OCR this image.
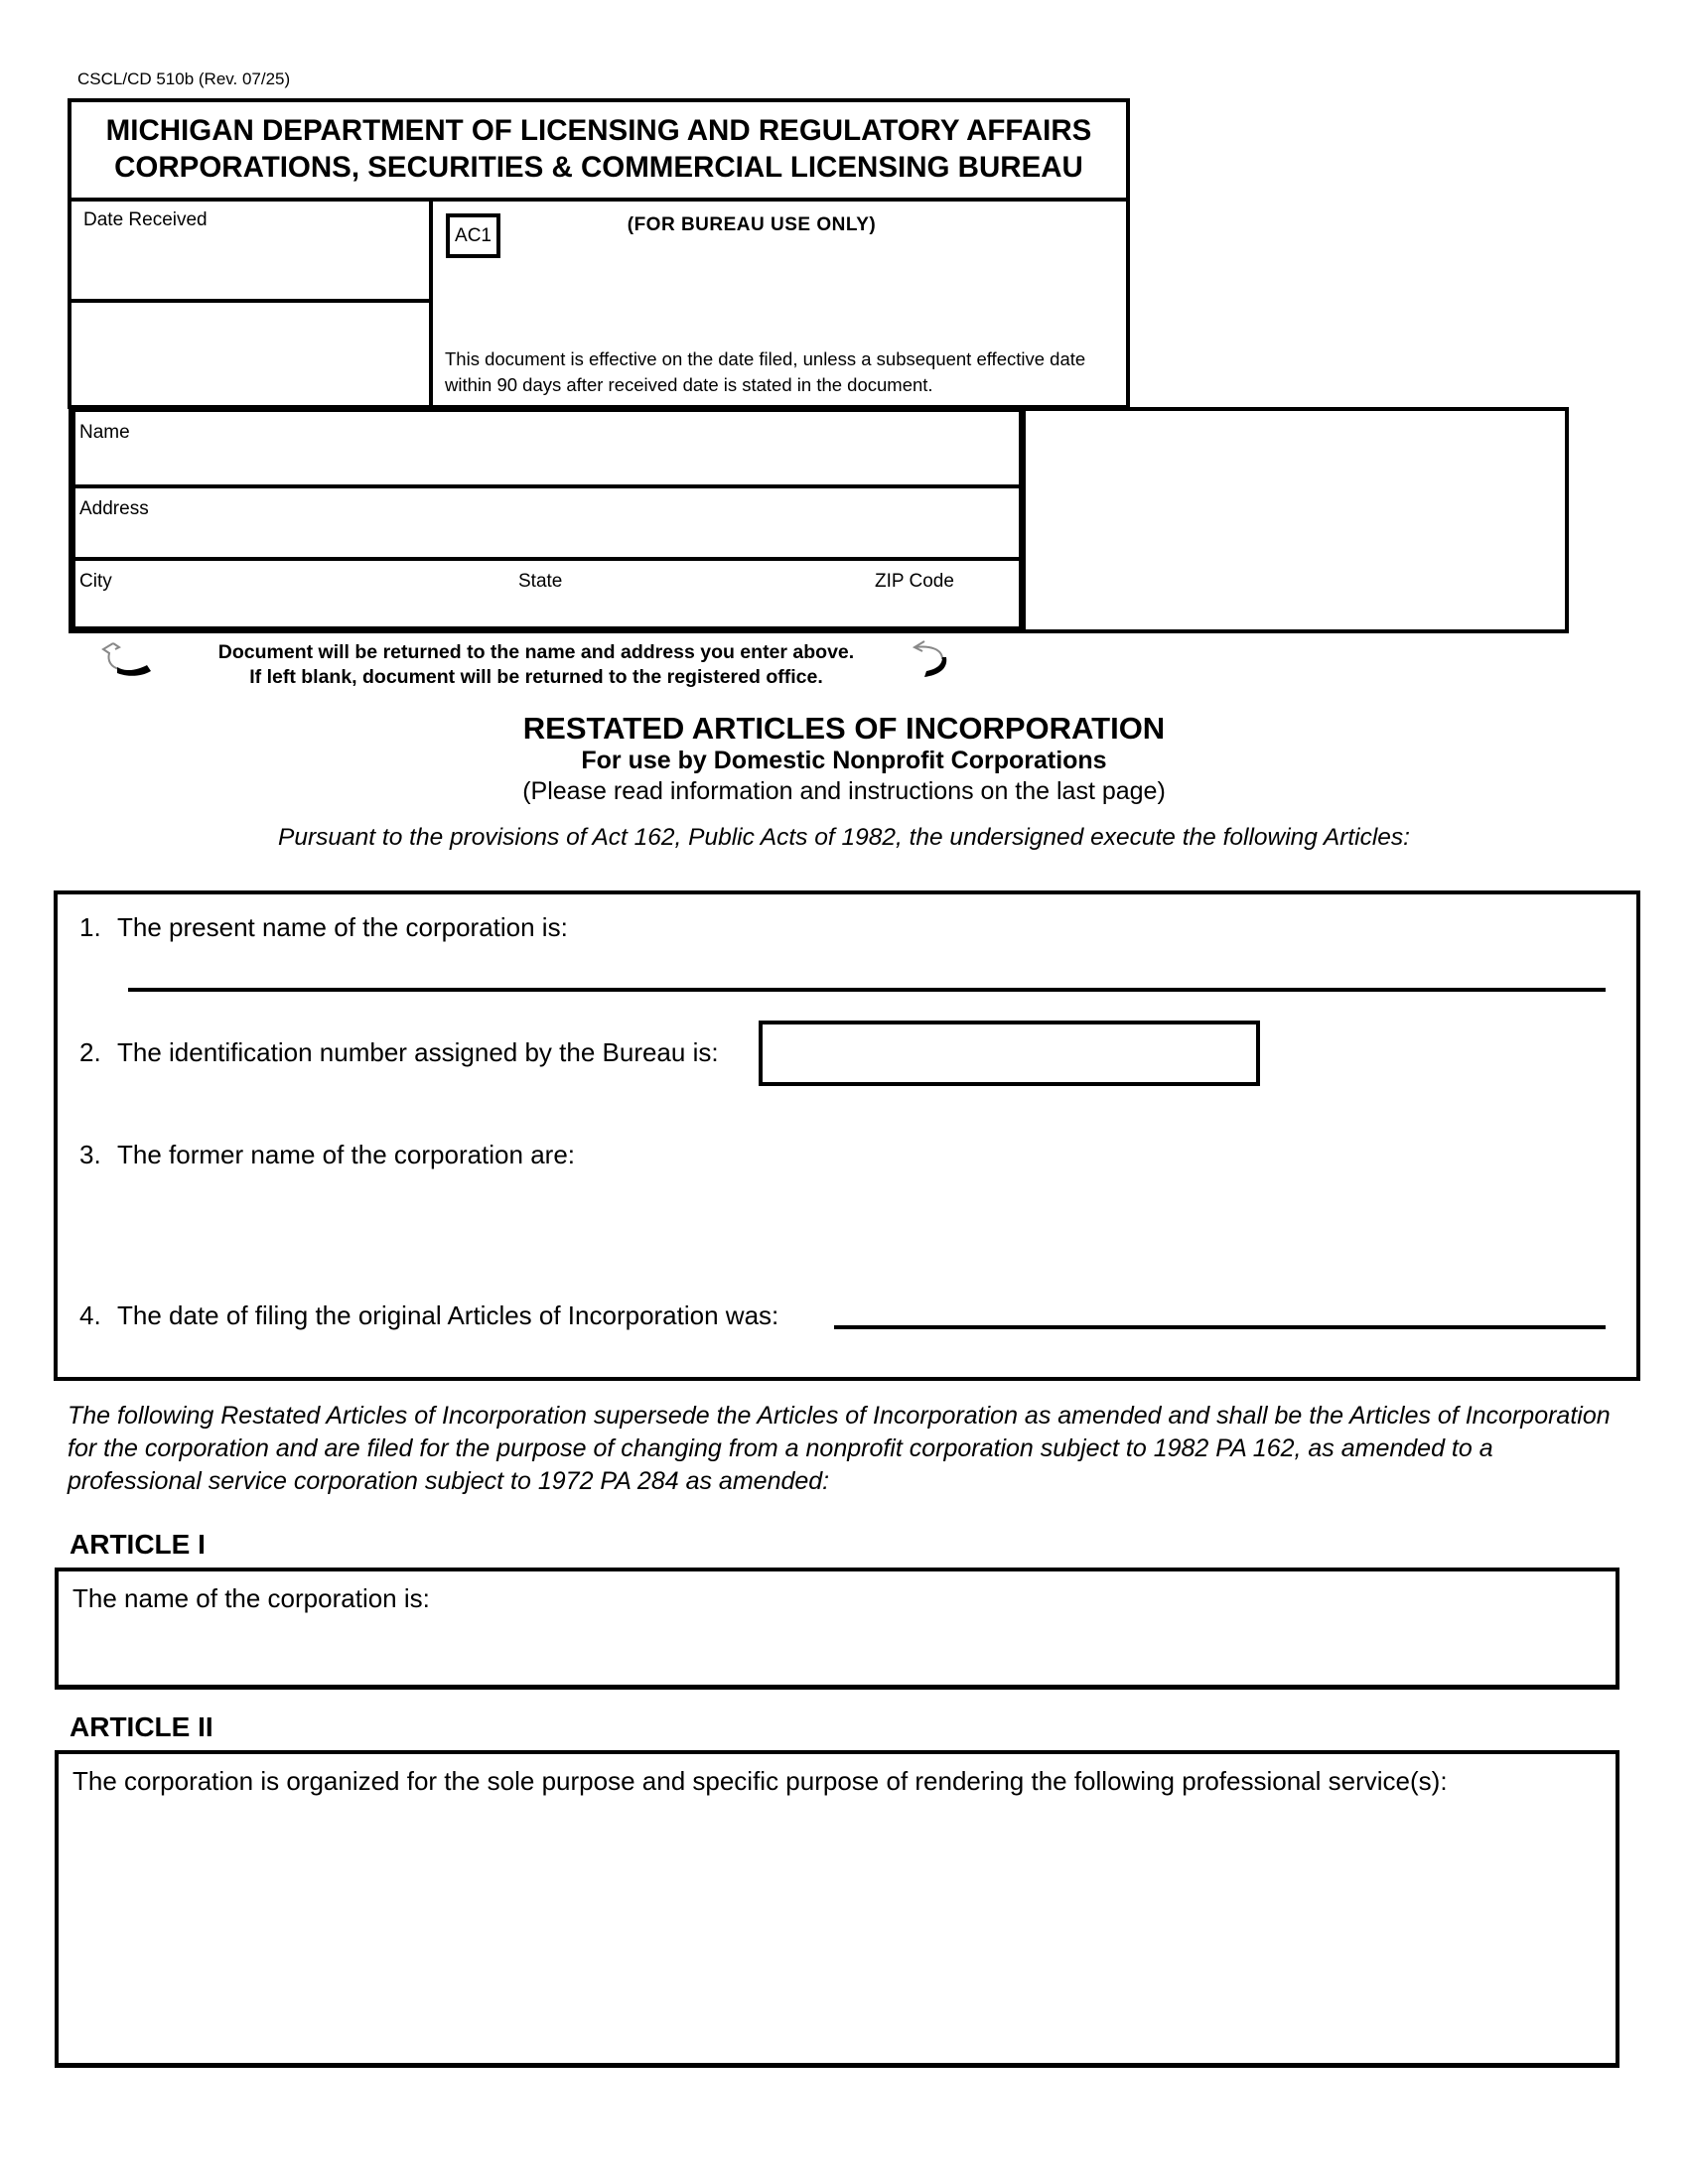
CSCL/CD 510b (Rev. 07/25)
MICHIGAN DEPARTMENT OF LICENSING AND REGULATORY AFFAIRS
CORPORATIONS, SECURITIES & COMMERCIAL LICENSING BUREAU
Date Received
AC1	(FOR BUREAU USE ONLY)
This document is effective on the date filed, unless a subsequent effective date within 90 days after received date is stated in the document.
Name
Address
City	State	ZIP Code
Document will be returned to the name and address you enter above.
If left blank, document will be returned to the registered office.
RESTATED ARTICLES OF INCORPORATION
For use by Domestic Nonprofit Corporations
(Please read information and instructions on the last page)
Pursuant to the provisions of Act 162, Public Acts of 1982, the undersigned execute the following Articles:
1. The present name of the corporation is:
2. The identification number assigned by the Bureau is:
3. The former name of the corporation are:
4. The date of filing the original Articles of Incorporation was:
The following Restated Articles of Incorporation supersede the Articles of Incorporation as amended and shall be the Articles of Incorporation for the corporation and are filed for the purpose of changing from a nonprofit corporation subject to 1982 PA 162, as amended to a professional service corporation subject to 1972 PA 284 as amended:
ARTICLE I
The name of the corporation is:
ARTICLE II
The corporation is organized for the sole purpose and specific purpose of rendering the following professional service(s):
